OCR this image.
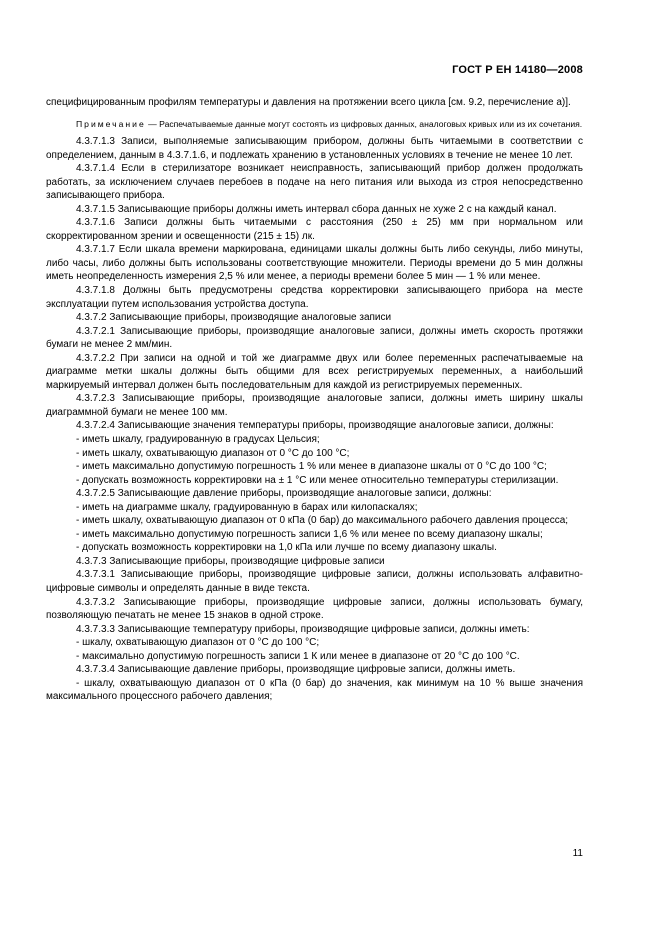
ГОСТ Р ЕН 14180—2008

специфицированным профилям температуры и давления на протяжении всего цикла [см. 9.2, перечисление а)].

Примечание — Распечатываемые данные могут состоять из цифровых данных, аналоговых кривых или из их сочетания.

4.3.7.1.3 Записи, выполняемые записывающим прибором, должны быть читаемыми в соответствии с определением, данным в 4.3.7.1.6, и подлежать хранению в установленных условиях в течение не менее 10 лет.

4.3.7.1.4 Если в стерилизаторе возникает неисправность, записывающий прибор должен продолжать работать, за исключением случаев перебоев в подаче на него питания или выхода из строя непосредственно записывающего прибора.

4.3.7.1.5 Записывающие приборы должны иметь интервал сбора данных не хуже 2 с на каждый канал.

4.3.7.1.6 Записи должны быть читаемыми с расстояния (250 ± 25) мм при нормальном или скорректированном зрении и освещенности (215 ± 15) лк.

4.3.7.1.7 Если шкала времени маркирована, единицами шкалы должны быть либо секунды, либо минуты, либо часы, либо должны быть использованы соответствующие множители. Периоды времени до 5 мин должны иметь неопределенность измерения 2,5 % или менее, а периоды времени более 5 мин — 1 % или менее.

4.3.7.1.8 Должны быть предусмотрены средства корректировки записывающего прибора на месте эксплуатации путем использования устройства доступа.

4.3.7.2 Записывающие приборы, производящие аналоговые записи

4.3.7.2.1 Записывающие приборы, производящие аналоговые записи, должны иметь скорость протяжки бумаги не менее 2 мм/мин.

4.3.7.2.2 При записи на одной и той же диаграмме двух или более переменных распечатываемые на диаграмме метки шкалы должны быть общими для всех регистрируемых переменных, а наибольший маркируемый интервал должен быть последовательным для каждой из регистрируемых переменных.

4.3.7.2.3 Записывающие приборы, производящие аналоговые записи, должны иметь ширину шкалы диаграммной бумаги не менее 100 мм.

4.3.7.2.4 Записывающие значения температуры приборы, производящие аналоговые записи, должны:

- иметь шкалу, градуированную в градусах Цельсия;

- иметь шкалу, охватывающую диапазон от 0 °С до 100 °С;

- иметь максимально допустимую погрешность 1 % или менее в диапазоне шкалы от 0 °С до 100 °С;

- допускать возможность корректировки на ± 1 °С или менее относительно температуры стерилизации.

4.3.7.2.5 Записывающие давление приборы, производящие аналоговые записи, должны:

- иметь на диаграмме шкалу, градуированную в барах или килопаскалях;

- иметь шкалу, охватывающую диапазон от 0 кПа (0 бар) до максимального рабочего давления процесса;

- иметь максимально допустимую погрешность записи 1,6 % или менее по всему диапазону шкалы;

- допускать возможность корректировки на 1,0 кПа или лучше по всему диапазону шкалы.

4.3.7.3 Записывающие приборы, производящие цифровые записи

4.3.7.3.1 Записывающие приборы, производящие цифровые записи, должны использовать алфавитно-цифровые символы и определять данные в виде текста.

4.3.7.3.2 Записывающие приборы, производящие цифровые записи, должны использовать бумагу, позволяющую печатать не менее 15 знаков в одной строке.

4.3.7.3.3 Записывающие температуру приборы, производящие цифровые записи, должны иметь:

- шкалу, охватывающую диапазон от 0 °С до 100 °С;

- максимально допустимую погрешность записи 1 К или менее в диапазоне от 20 °С до 100 °С.

4.3.7.3.4 Записывающие давление приборы, производящие цифровые записи, должны иметь.

- шкалу, охватывающую диапазон от 0 кПа (0 бар) до значения, как минимум на 10 % выше значения максимального процессного рабочего давления;

11
